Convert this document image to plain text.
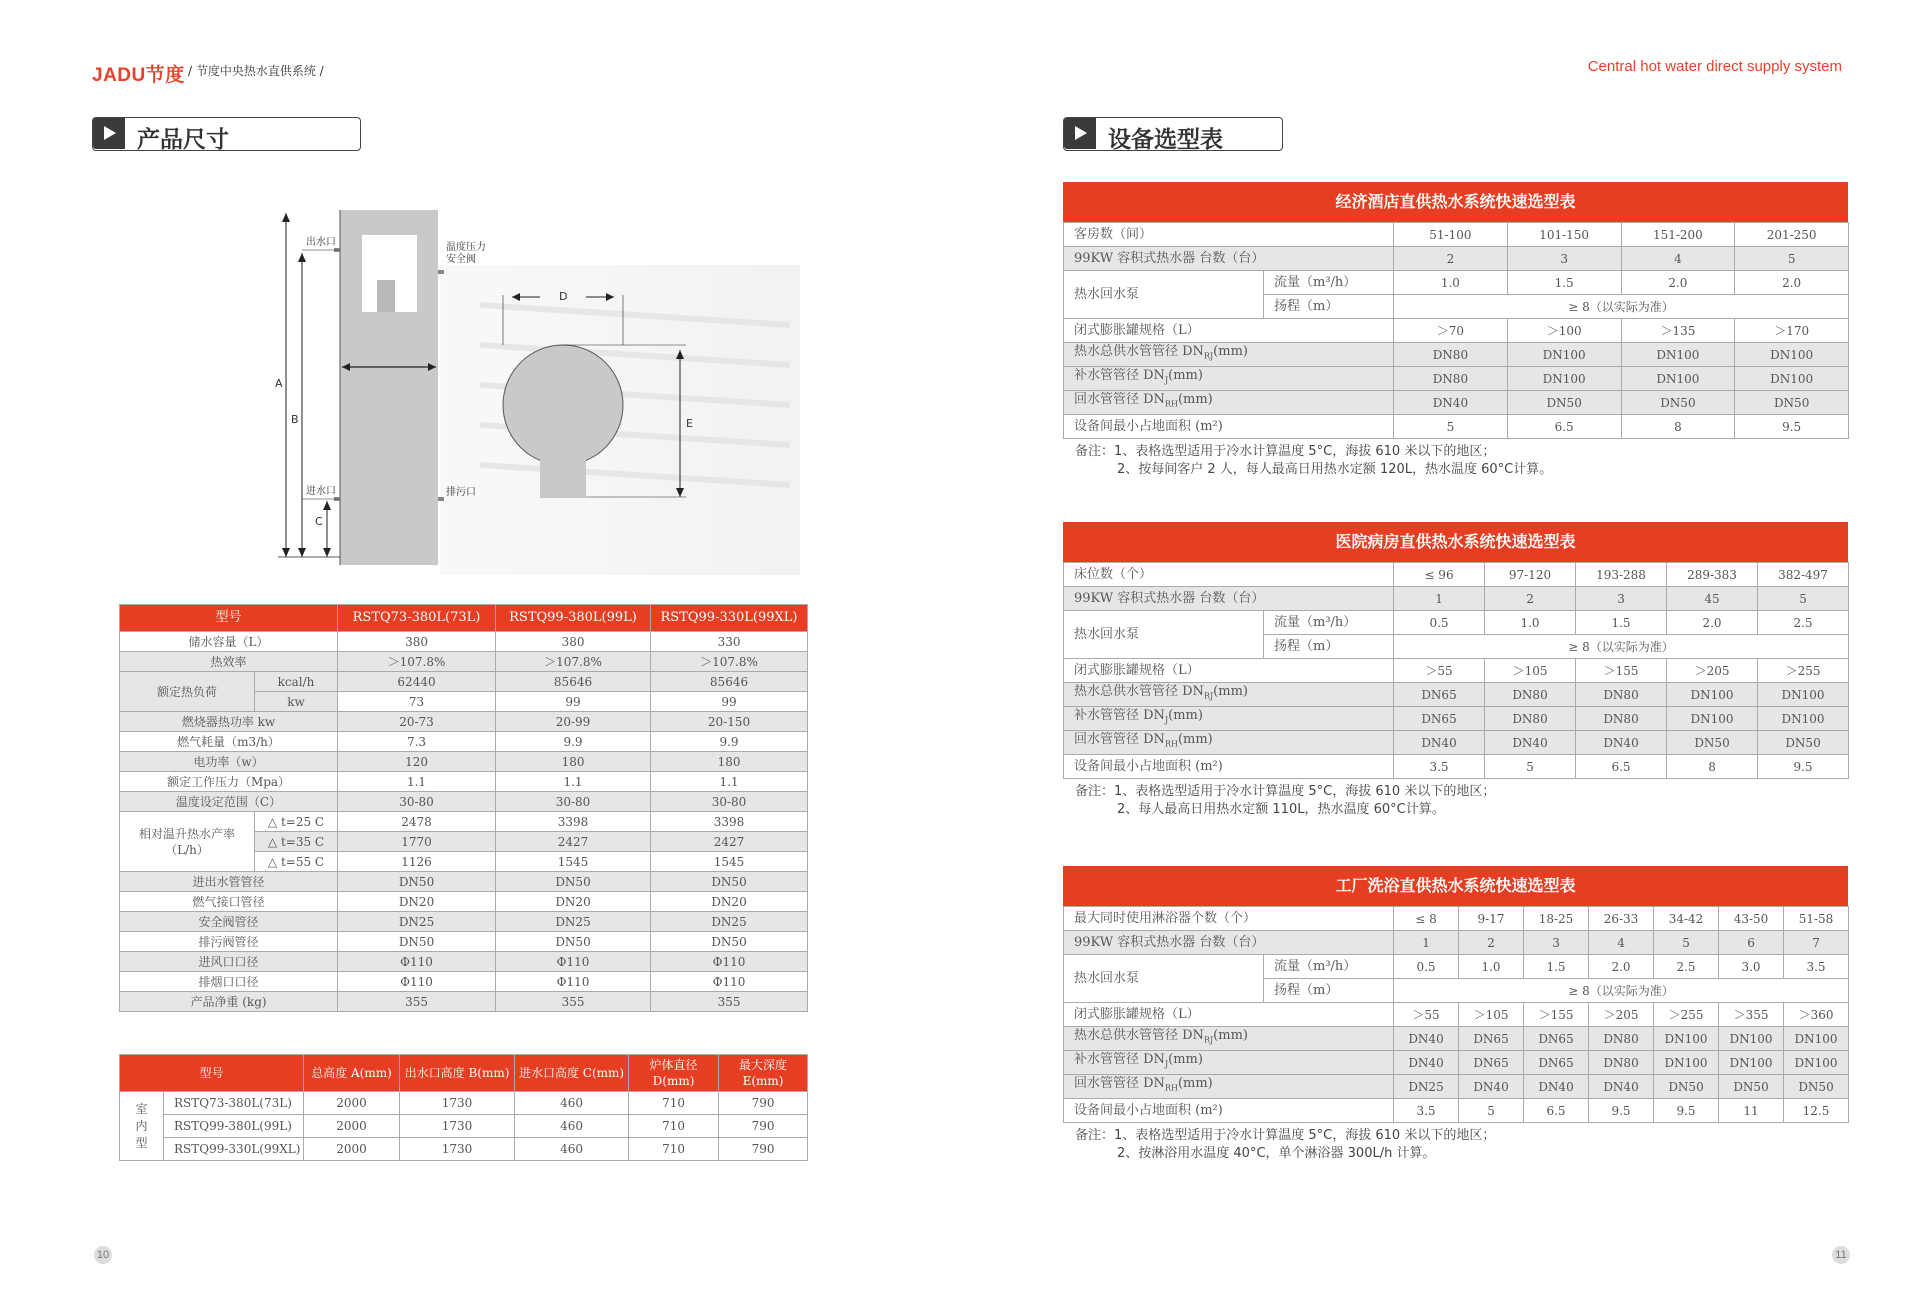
JADU节度 / 节度中央热水直供系统 /	Central hot water direct supply system
产品尺寸
出水口
进水口
温度压力安全阀
排污口
A
B
C
D
E
型号		RSTQ73-380L(73L)	RSTQ99-380L(99L)	RSTQ99-330L(99XL)
储水容量（L）		380	380	330
热效率		＞107.8%	＞107.8%	＞107.8%
额定热负荷	kcal/h	62440	85646	85646
	kw	73	99	99
燃烧器热功率 kw		20-73	20-99	20-150
燃气耗量（m3/h）		7.3	9.9	9.9
电功率（w）		120	180	180
额定工作压力（Mpa）		1.1	1.1	1.1
温度设定范围（C）		30-80	30-80	30-80
相对温升热水产率（L/h）	△ t=25 C	2478	3398	3398
	△ t=35 C	1770	2427	2427
	△ t=55 C	1126	1545	1545
进出水管管径		DN50	DN50	DN50
燃气接口管径		DN20	DN20	DN20
安全阀管径		DN25	DN25	DN25
排污阀管径		DN50	DN50	DN50
进风口口径		Φ110	Φ110	Φ110
排烟口口径		Φ110	Φ110	Φ110
产品净重 (kg)		355	355	355
型号		总高度 A(mm)	出水口高度 B(mm)	进水口高度 C(mm)	炉体直径 D(mm)	最大深度 E(mm)
室内型	RSTQ73-380L(73L)	2000	1730	460	710	790
	RSTQ99-380L(99L)	2000	1730	460	710	790
	RSTQ99-330L(99XL)	2000	1730	460	710	790
10
设备选型表
经济酒店直供热水系统快速选型表
客房数（间）		51-100	101-150	151-200	201-250
99KW 容积式热水器 台数（台）		2	3	4	5
热水回水泵	流量（m³/h）	1.0	1.5	2.0	2.0
	扬程（m）	≥ 8（以实际为准）			
闭式膨胀罐规格（L）		＞70	＞100	＞135	＞170
热水总供水管管径 $DN_{RJ}(mm)$		DN80	DN100	DN100	DN100
补水管管径 $DN_J(mm)$		DN80	DN100	DN100	DN100
回水管管径 $DN_{RH}(mm)$		DN40	DN50	DN50	DN50
设备间最小占地面积 (m²)		5	6.5	8	9.5
备注：1、表格选型适用于冷水计算温度 5°C，海拔 610 米以下的地区；
2、按每间客户 2 人，每人最高日用热水定额 120L，热水温度 60°C计算。
医院病房直供热水系统快速选型表
床位数（个）		≤ 96	97-120	193-288	289-383	382-497
99KW 容积式热水器 台数（台）		1	2	3	45	5
热水回水泵	流量（m³/h）	0.5	1.0	1.5	2.0	2.5
	扬程（m）	≥ 8（以实际为准）				
闭式膨胀罐规格（L）		＞55	＞105	＞155	＞205	＞255
热水总供水管管径 $DN_{RJ}(mm)$		DN65	DN80	DN80	DN100	DN100
补水管管径 $DN_J(mm)$		DN65	DN80	DN80	DN100	DN100
回水管管径 $DN_{RH}(mm)$		DN40	DN40	DN40	DN50	DN50
设备间最小占地面积 (m²)		3.5	5	6.5	8	9.5
备注：1、表格选型适用于冷水计算温度 5°C，海拔 610 米以下的地区；
2、每人最高日用热水定额 110L，热水温度 60°C计算。
工厂洗浴直供热水系统快速选型表
最大同时使用淋浴器个数（个）		≤ 8	9-17	18-25	26-33	34-42	43-50	51-58
99KW 容积式热水器 台数（台）		1	2	3	4	5	6	7
热水回水泵	流量（m³/h）	0.5	1.0	1.5	2.0	2.5	3.0	3.5
	扬程（m）	≥ 8（以实际为准）						
闭式膨胀罐规格（L）		＞55	＞105	＞155	＞205	＞255	＞355	＞360
热水总供水管管径 $DN_{RJ}(mm)$		DN40	DN65	DN65	DN80	DN100	DN100	DN100
补水管管径 $DN_J(mm)$		DN40	DN65	DN65	DN80	DN100	DN100	DN100
回水管管径 $DN_{RH}(mm)$		DN25	DN40	DN40	DN40	DN50	DN50	DN50
设备间最小占地面积 (m²)		3.5	5	6.5	9.5	9.5	11	12.5
备注：1、表格选型适用于冷水计算温度 5°C，海拔 610 米以下的地区；
2、按淋浴用水温度 40°C，单个淋浴器 300L/h 计算。
11
